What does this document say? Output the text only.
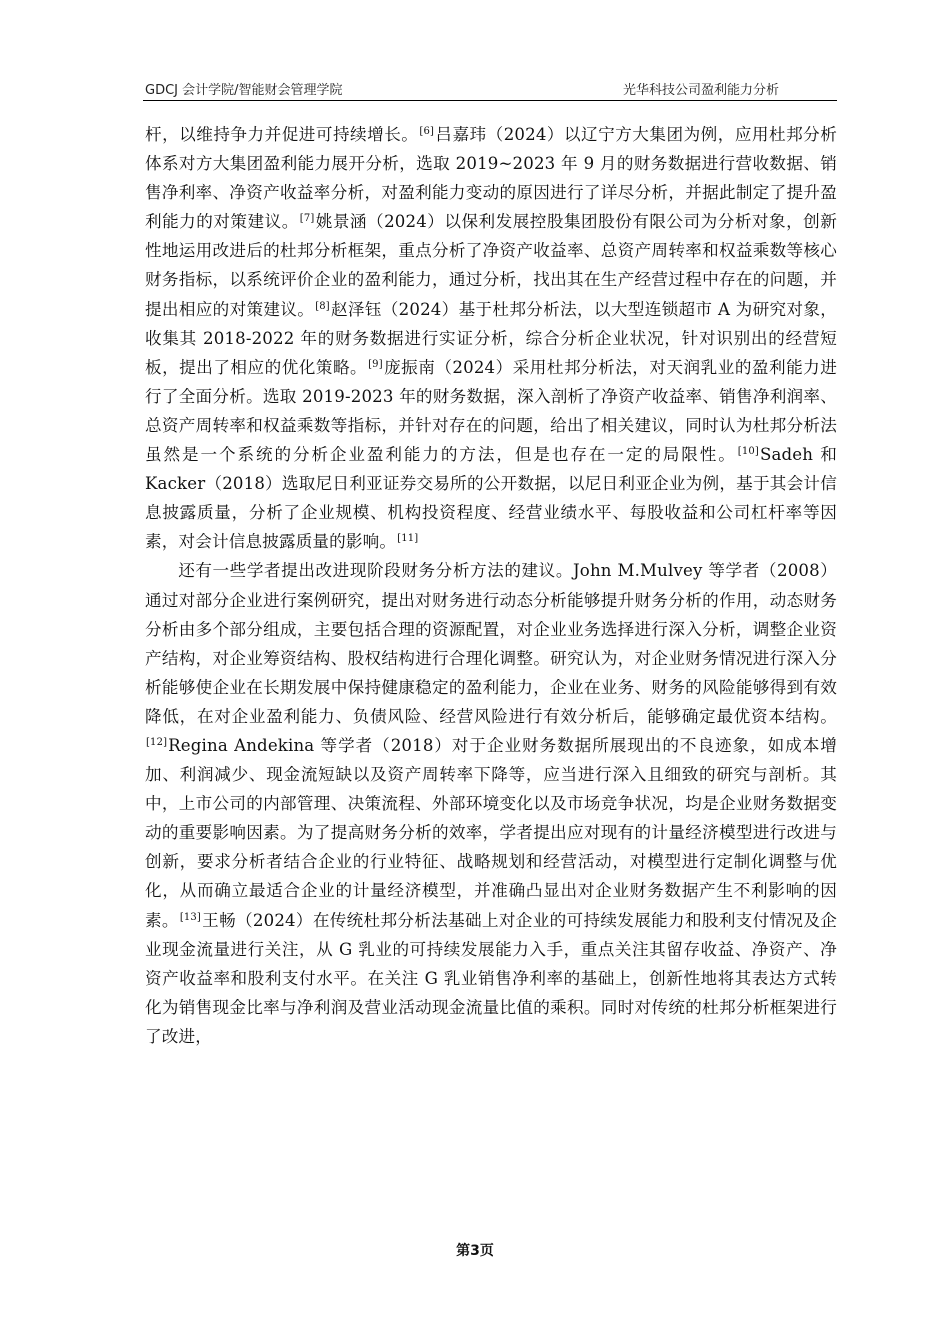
GDCJ 会计学院/智能财会管理学院	光华科技公司盈利能力分析

杆，以维持争力并促进可持续增长。[6]吕嘉玮（2024）以辽宁方大集团为例，应用杜邦分析体系对方大集团盈利能力展开分析，选取 2019~2023 年 9 月的财务数据进行营收数据、销售净利率、净资产收益率分析，对盈利能力变动的原因进行了详尽分析，并据此制定了提升盈利能力的对策建议。[7]姚景涵（2024）以保利发展控股集团股份有限公司为分析对象，创新性地运用改进后的杜邦分析框架，重点分析了净资产收益率、总资产周转率和权益乘数等核心财务指标，以系统评价企业的盈利能力，通过分析，找出其在生产经营过程中存在的问题，并提出相应的对策建议。[8]赵泽钰（2024）基于杜邦分析法，以大型连锁超市 A 为研究对象，收集其 2018-2022 年的财务数据进行实证分析，综合分析企业状况，针对识别出的经营短板，提出了相应的优化策略。[9]庞振南（2024）采用杜邦分析法，对天润乳业的盈利能力进行了全面分析。选取 2019-2023 年的财务数据，深入剖析了净资产收益率、销售净利润率、总资产周转率和权益乘数等指标，并针对存在的问题，给出了相关建议，同时认为杜邦分析法虽然是一个系统的分析企业盈利能力的方法，但是也存在一定的局限性。[10]Sadeh 和 Kacker（2018）选取尼日利亚证券交易所的公开数据，以尼日利亚企业为例，基于其会计信息披露质量，分析了企业规模、机构投资程度、经营业绩水平、每股收益和公司杠杆率等因素，对会计信息披露质量的影响。[11]

还有一些学者提出改进现阶段财务分析方法的建议。John M.Mulvey 等学者（2008）通过对部分企业进行案例研究，提出对财务进行动态分析能够提升财务分析的作用，动态财务分析由多个部分组成，主要包括合理的资源配置，对企业业务选择进行深入分析，调整企业资产结构，对企业筹资结构、股权结构进行合理化调整。研究认为，对企业财务情况进行深入分析能够使企业在长期发展中保持健康稳定的盈利能力，企业在业务、财务的风险能够得到有效降低，在对企业盈利能力、负债风险、经营风险进行有效分析后，能够确定最优资本结构。[12]Regina Andekina 等学者（2018）对于企业财务数据所展现出的不良迹象，如成本增加、利润减少、现金流短缺以及资产周转率下降等，应当进行深入且细致的研究与剖析。其中，上市公司的内部管理、决策流程、外部环境变化以及市场竞争状况，均是企业财务数据变动的重要影响因素。为了提高财务分析的效率，学者提出应对现有的计量经济模型进行改进与创新，要求分析者结合企业的行业特征、战略规划和经营活动，对模型进行定制化调整与优化，从而确立最适合企业的计量经济模型，并准确凸显出对企业财务数据产生不利影响的因素。[13]王畅（2024）在传统杜邦分析法基础上对企业的可持续发展能力和股利支付情况及企业现金流量进行关注，从 G 乳业的可持续发展能力入手，重点关注其留存收益、净资产、净资产收益率和股利支付水平。在关注 G 乳业销售净利率的基础上，创新性地将其表达方式转化为销售现金比率与净利润及营业活动现金流量比值的乘积。同时对传统的杜邦分析框架进行了改进，

第3页
